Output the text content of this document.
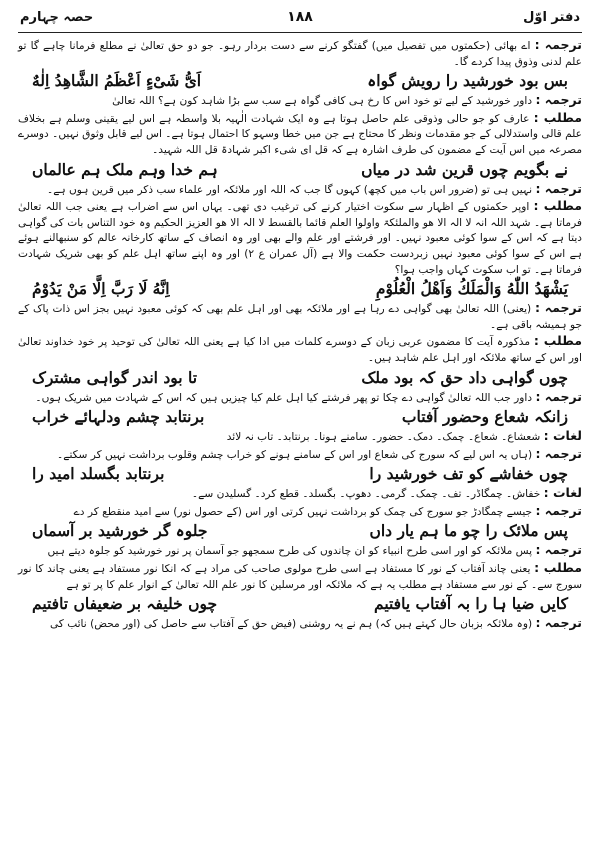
دفتر اوّل
۱۸۸
حصہ چہارم

ترجمہ : اے بھائی (حکمتوں میں تفصیل میں) گفتگو کرنے سے دست بردار رہو۔ جو دو حق تعالیٰ نے مطلع فرمانا چاہے گا تو علم لدنی وذوق پیدا کردے گا۔

بس بود خورشید را رویش گواہ
اَیُّ شَیْءٍ اَعْظَمُ الشَّاهِدُ اِلٰهٌ

ترجمہ : داور خورشید کے لیے تو خود اس کا رخ ہی کافی گواہ ہے سب سے بڑا شاہد کون ہے؟ اللہ تعالیٰ

مطلب : عارف کو جو حالی وذوقی علم حاصل ہوتا ہے وہ ایک شہادت الٰہیہ بلا واسطہ ہے اس لیے یقینی وسلم ہے بخلاف علم قالی واستدلالی کے جو مقدمات ونظر کا محتاج ہے جن میں خطا وسہو کا احتمال ہوتا ہے۔ اس لیے قابل وثوق نہیں۔ دوسرے مصرعہ میں اس آیت کے مضمون کی طرف اشارہ ہے کہ قل ای شیء اکبر شہادۃ قل اللہ شہید۔

نے بگویم چوں قرین شد در میاں
ہم خدا وہم ملک ہم عالماں

ترجمہ : نہیں ہی تو (ضرور اس باب میں کچھ) کہوں گا جب کہ اللہ اور ملائکہ اور علماء سب ذکر میں قرین ہوں ہے۔

مطلب : اوپر حکمتوں کے اظہار سے سکوت اختیار کرنے کی ترغیب دی تھی۔ یہاں اس سے اضراب ہے یعنی جب اللہ تعالیٰ فرماتا ہے۔ شہد اللہ انہ لا الہ الا ھو والملئکۃ واولوا العلم قائما بالقسط لا الہ الا ھو العزیز الحکیم وہ خود التناس بات کی گواہی دیتا ہے کہ اس کے سوا کوئی معبود نہیں۔ اور فرشتے اور علم والے بھی اور وہ انصاف کے ساتھ کارخانہ عالم کو سنبھالنے ہوئے ہے اس کے سوا کوئی معبود نہیں زبردست حکمت والا ہے (آل عمران ع ۲) اور وہ اپنے ساتھ اہل علم کو بھی شریک شہادت فرماتا ہے۔ تو اب سکوت کہاں واجب ہوا؟

یَشْهَدُ اللّٰهُ وَالْمَلَكُ وَاَهْلُ الْعُلُوْمِ
اِنَّهُ لَا رَبَّ اِلَّا مَنْ يَدُوْمُ

ترجمہ : (یعنی) اللہ تعالیٰ بھی گواہی دے رہا ہے اور ملائکہ بھی اور اہل علم بھی کہ کوئی معبود نہیں بجز اس ذات پاک کے جو ہمیشہ باقی ہے۔

مطلب : مذکورہ آیت کا مضمون عربی زبان کے دوسرے کلمات میں ادا کیا ہے یعنی اللہ تعالیٰ کی توحید پر خود خداوند تعالیٰ اور اس کے ساتھ ملائکہ اور اہل علم شاہد ہیں۔

چوں گواہی داد حق کہ بود ملک
تا بود اندر گواہی مشترک

ترجمہ : داور جب اللہ تعالیٰ گواہی دے چکا تو پھر فرشتے کیا اہل علم کیا چیزیں ہیں کہ اس کے شہادت میں شریک ہوں۔

زانکہ شعاع وحضور آفتاب
برنتابد چشم ودلہائے خراب

لغات : شعشاع۔ شعاع۔ چمک۔ دمک۔ حضور۔ سامنے ہونا۔ برنتابد۔ تاب نہ لائد

ترجمہ : (ہاں یہ اس لیے کہ سورج کی شعاع اور اس کے سامنے ہونے کو خراب چشم وقلوب برداشت نہیں کر سکتے۔

چوں خفاشے کو تف خورشید را
برنتابد بگسلد امید را

لغات : خفاش۔ چمگاڈر۔ تف۔ چمک۔ گرمی۔ دھوپ۔ بگسلد۔ قطع کرد۔ گسلیدن سے۔

ترجمہ : جیسے چمگادڑ جو سورج کی چمک کو برداشت نہیں کرتی اور اس (کے حصول نور) سے امید منقطع کر دے

پس ملائک را چو ما ہم یار داں
جلوہ گر خورشید بر آسماں

ترجمہ : پس ملائکہ کو اور اسی طرح انبیاء کو ان چاندوں کی طرح سمجھو جو آسمان پر نور خورشید کو جلوہ دیتے ہیں

مطلب : یعنی چاند آفتاب کے نور کا مستفاد ہے اسی طرح مولوی صاحب کی مراد ہے کہ انکا نور مستفاد ہے یعنی چاند کا نور سورج سے۔ کے نور سے مستفاد ہے مطلب یہ ہے کہ ملائکہ اور مرسلین کا نور علم اللہ تعالیٰ کے انوار علم کا پر تو ہے

کایں ضیا ہا را بہ آفتاب یافتیم
چوں خلیفہ بر ضعیفاں تافتیم

ترجمہ : (وہ ملائکہ بزبان حال کہتے ہیں کہ) ہم نے یہ روشنی (فیض حق کے آفتاب سے حاصل کی (اور محض) نائب کی
